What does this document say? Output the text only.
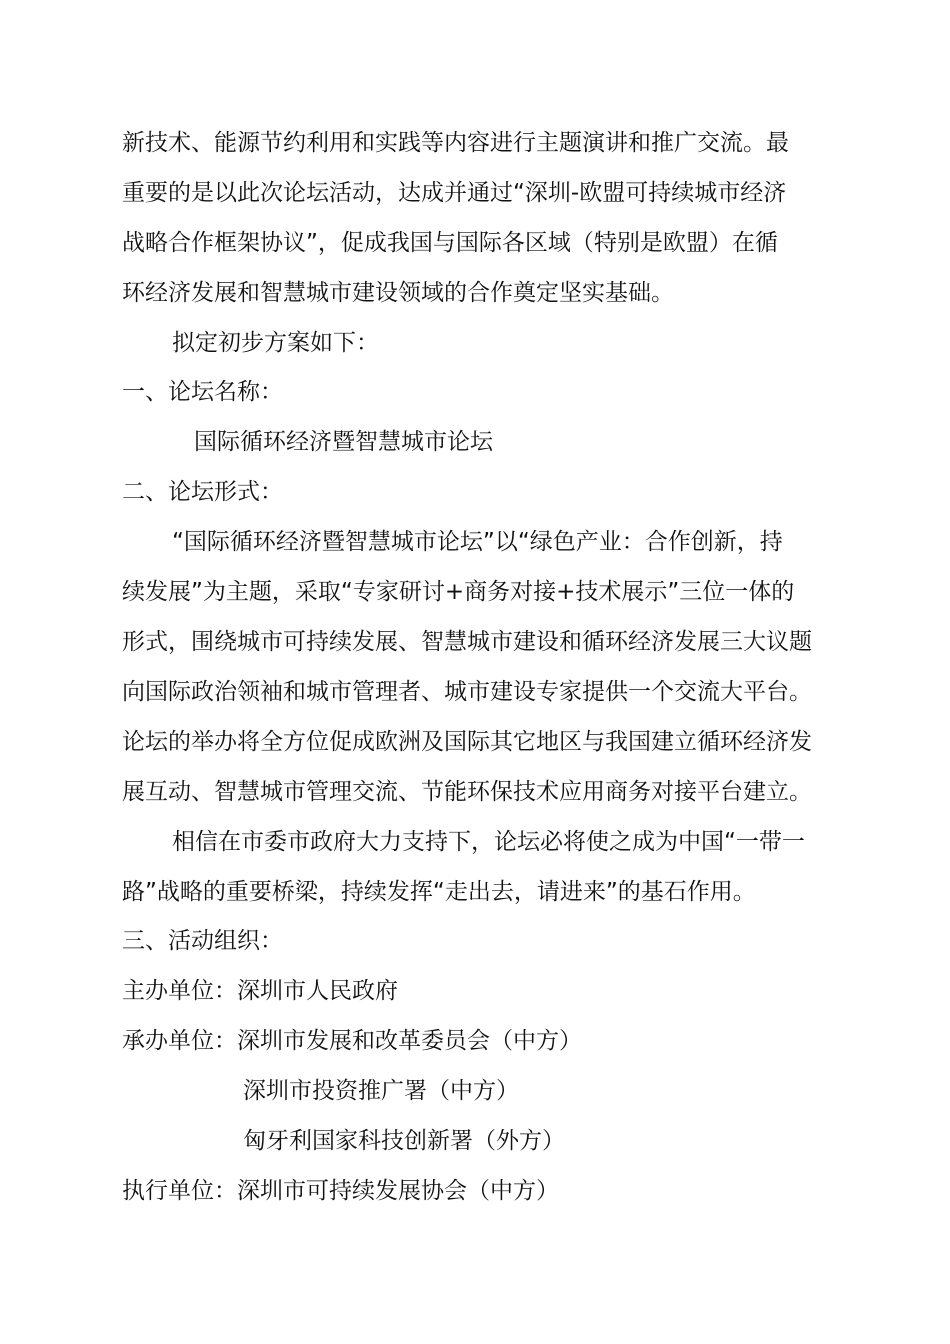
新技术、能源节约利用和实践等内容进行主题演讲和推广交流。最
重要的是以此次论坛活动，达成并通过“深圳-欧盟可持续城市经济
战略合作框架协议”，促成我国与国际各区域（特别是欧盟）在循
环经济发展和智慧城市建设领域的合作奠定坚实基础。
拟定初步方案如下：
一、论坛名称：
国际循环经济暨智慧城市论坛
二、论坛形式：
“国际循环经济暨智慧城市论坛”以“绿色产业：合作创新，持
续发展”为主题，采取“专家研讨+商务对接+技术展示”三位一体的
形式，围绕城市可持续发展、智慧城市建设和循环经济发展三大议题
向国际政治领袖和城市管理者、城市建设专家提供一个交流大平台。
论坛的举办将全方位促成欧洲及国际其它地区与我国建立循环经济发
展互动、智慧城市管理交流、节能环保技术应用商务对接平台建立。
相信在市委市政府大力支持下，论坛必将使之成为中国“一带一
路”战略的重要桥梁，持续发挥“走出去，请进来”的基石作用。
三、活动组织：
主办单位：深圳市人民政府
承办单位：深圳市发展和改革委员会（中方）
深圳市投资推广署（中方）
匈牙利国家科技创新署（外方）
执行单位：深圳市可持续发展协会（中方）
